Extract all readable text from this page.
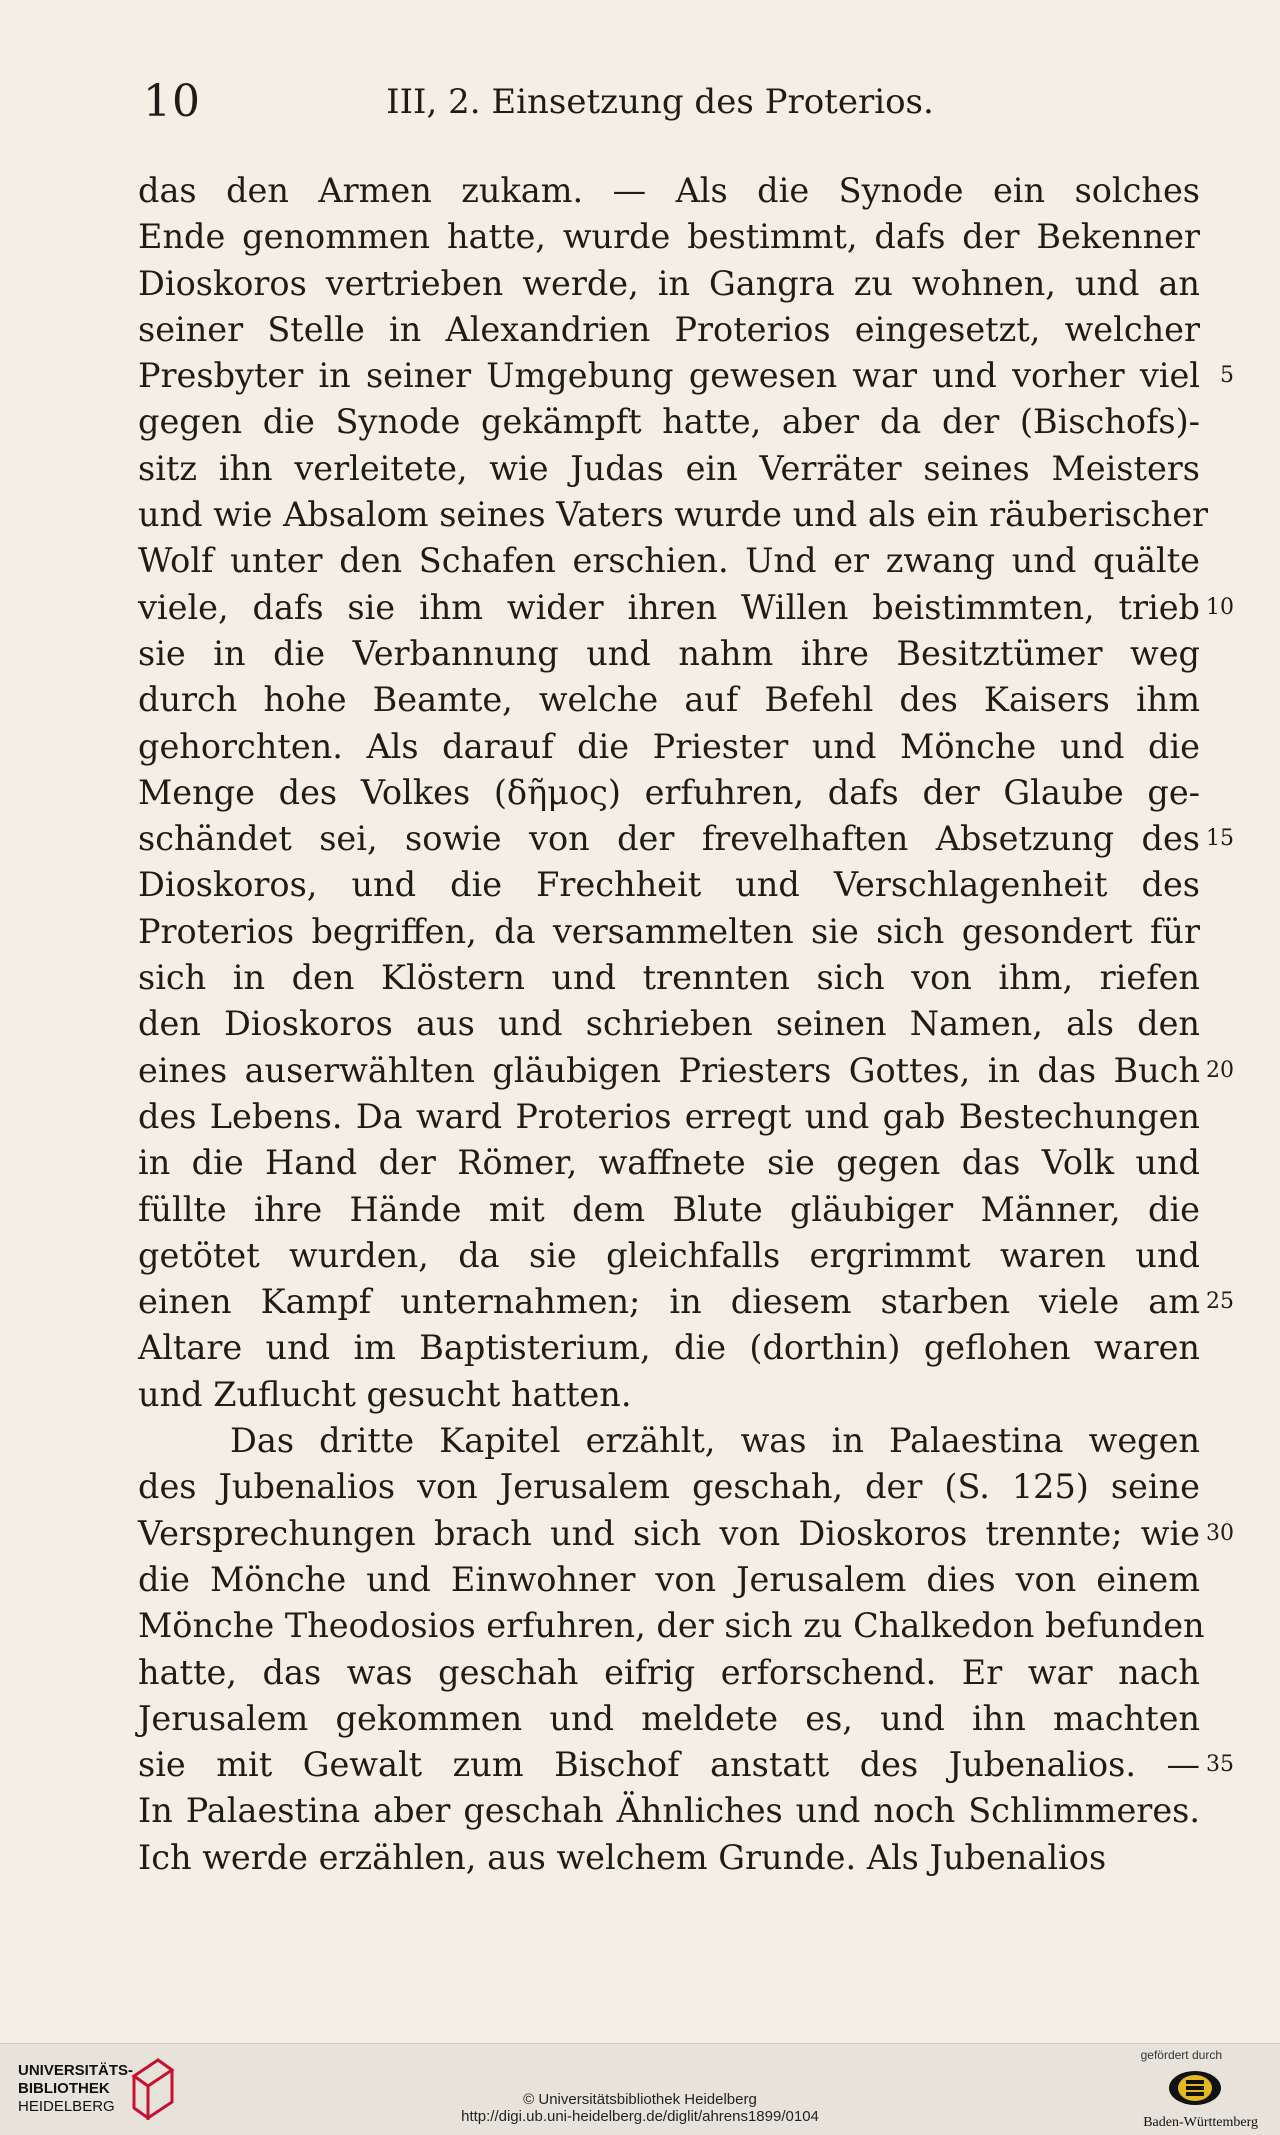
10	III, 2. Einsetzung des Proterios.
das den Armen zukam. — Als die Synode ein solches
Ende genommen hatte, wurde bestimmt, dafs der Bekenner
Dioskoros vertrieben werde, in Gangra zu wohnen, und an
seiner Stelle in Alexandrien Proterios eingesetzt, welcher
Presbyter in seiner Umgebung gewesen war und vorher viel 5
gegen die Synode gekämpft hatte, aber da der (Bischofs)-
sitz ihn verleitete, wie Judas ein Verräter seines Meisters
und wie Absalom seines Vaters wurde und als ein räuberischer
Wolf unter den Schafen erschien. Und er zwang und quälte
viele, dafs sie ihm wider ihren Willen beistimmten, trieb 10
sie in die Verbannung und nahm ihre Besitztümer weg
durch hohe Beamte, welche auf Befehl des Kaisers ihm
gehorchten. Als darauf die Priester und Mönche und die
Menge des Volkes (δῆμος) erfuhren, dafs der Glaube ge-
schändet sei, sowie von der frevelhaften Absetzung des 15
Dioskoros, und die Frechheit und Verschlagenheit des
Proterios begriffen, da versammelten sie sich gesondert für
sich in den Klöstern und trennten sich von ihm, riefen
den Dioskoros aus und schrieben seinen Namen, als den
eines auserwählten gläubigen Priesters Gottes, in das Buch 20
des Lebens. Da ward Proterios erregt und gab Bestechungen
in die Hand der Römer, waffnete sie gegen das Volk und
füllte ihre Hände mit dem Blute gläubiger Männer, die
getötet wurden, da sie gleichfalls ergrimmt waren und
einen Kampf unternahmen; in diesem starben viele am 25
Altare und im Baptisterium, die (dorthin) geflohen waren
und Zuflucht gesucht hatten.
Das dritte Kapitel erzählt, was in Palaestina wegen
des Jubenalios von Jerusalem geschah, der (S. 125) seine
Versprechungen brach und sich von Dioskoros trennte; wie 30
die Mönche und Einwohner von Jerusalem dies von einem
Mönche Theodosios erfuhren, der sich zu Chalkedon befunden
hatte, das was geschah eifrig erforschend. Er war nach
Jerusalem gekommen und meldete es, und ihn machten
sie mit Gewalt zum Bischof anstatt des Jubenalios. — 35
In Palaestina aber geschah Ähnliches und noch Schlimmeres.
Ich werde erzählen, aus welchem Grunde. Als Jubenalios
UNIVERSITÄTS-
BIBLIOTHEK
HEIDELBERG	© Universitätsbibliothek Heidelberg
http://digi.ub.uni-heidelberg.de/diglit/ahrens1899/0104
gefördert durch
Baden-Württemberg
